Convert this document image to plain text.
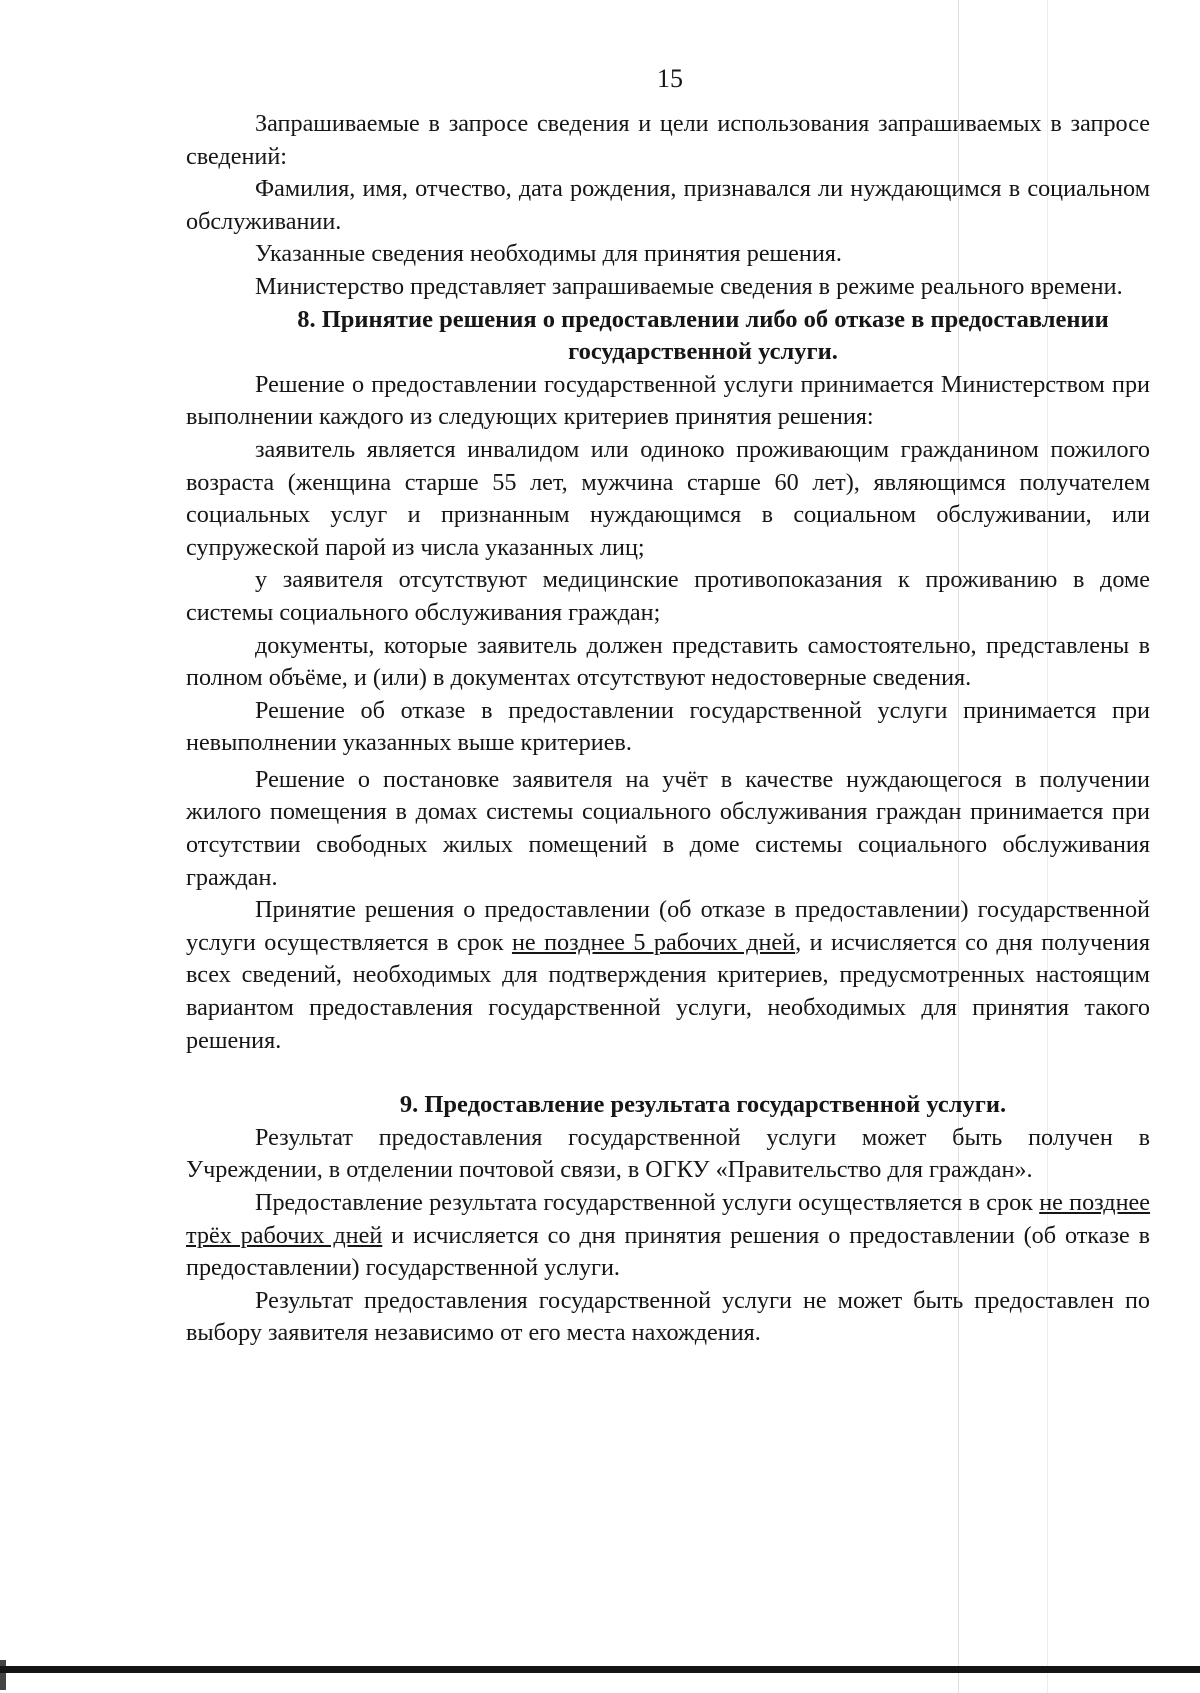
15

Запрашиваемые в запросе сведения и цели использования запрашиваемых в запросе сведений:

Фамилия, имя, отчество, дата рождения, признавался ли нуждающимся в социальном обслуживании.

Указанные сведения необходимы для принятия решения.

Министерство представляет запрашиваемые сведения в режиме реального времени.

8. Принятие решения о предоставлении либо об отказе в предоставлении государственной услуги.

Решение о предоставлении государственной услуги принимается Министерством при выполнении каждого из следующих критериев принятия решения:

заявитель является инвалидом или одиноко проживающим гражданином пожилого возраста (женщина старше 55 лет, мужчина старше 60 лет), являющимся получателем социальных услуг и признанным нуждающимся в социальном обслуживании, или супружеской парой из числа указанных лиц;

у заявителя отсутствуют медицинские противопоказания к проживанию в доме системы социального обслуживания граждан;

документы, которые заявитель должен представить самостоятельно, представлены в полном объёме, и (или) в документах отсутствуют недостоверные сведения.

Решение об отказе в предоставлении государственной услуги принимается при невыполнении указанных выше критериев.

Решение о постановке заявителя на учёт в качестве нуждающегося в получении жилого помещения в домах системы социального обслуживания граждан принимается при отсутствии свободных жилых помещений в доме системы социального обслуживания граждан.

Принятие решения о предоставлении (об отказе в предоставлении) государственной услуги осуществляется в срок не позднее 5 рабочих дней, и исчисляется со дня получения всех сведений, необходимых для подтверждения критериев, предусмотренных настоящим вариантом предоставления государственной услуги, необходимых для принятия такого решения.

9. Предоставление результата государственной услуги.

Результат предоставления государственной услуги может быть получен в Учреждении, в отделении почтовой связи, в ОГКУ «Правительство для граждан».

Предоставление результата государственной услуги осуществляется в срок не позднее трёх рабочих дней и исчисляется со дня принятия решения о предоставлении (об отказе в предоставлении) государственной услуги.

Результат предоставления государственной услуги не может быть предоставлен по выбору заявителя независимо от его места нахождения.
